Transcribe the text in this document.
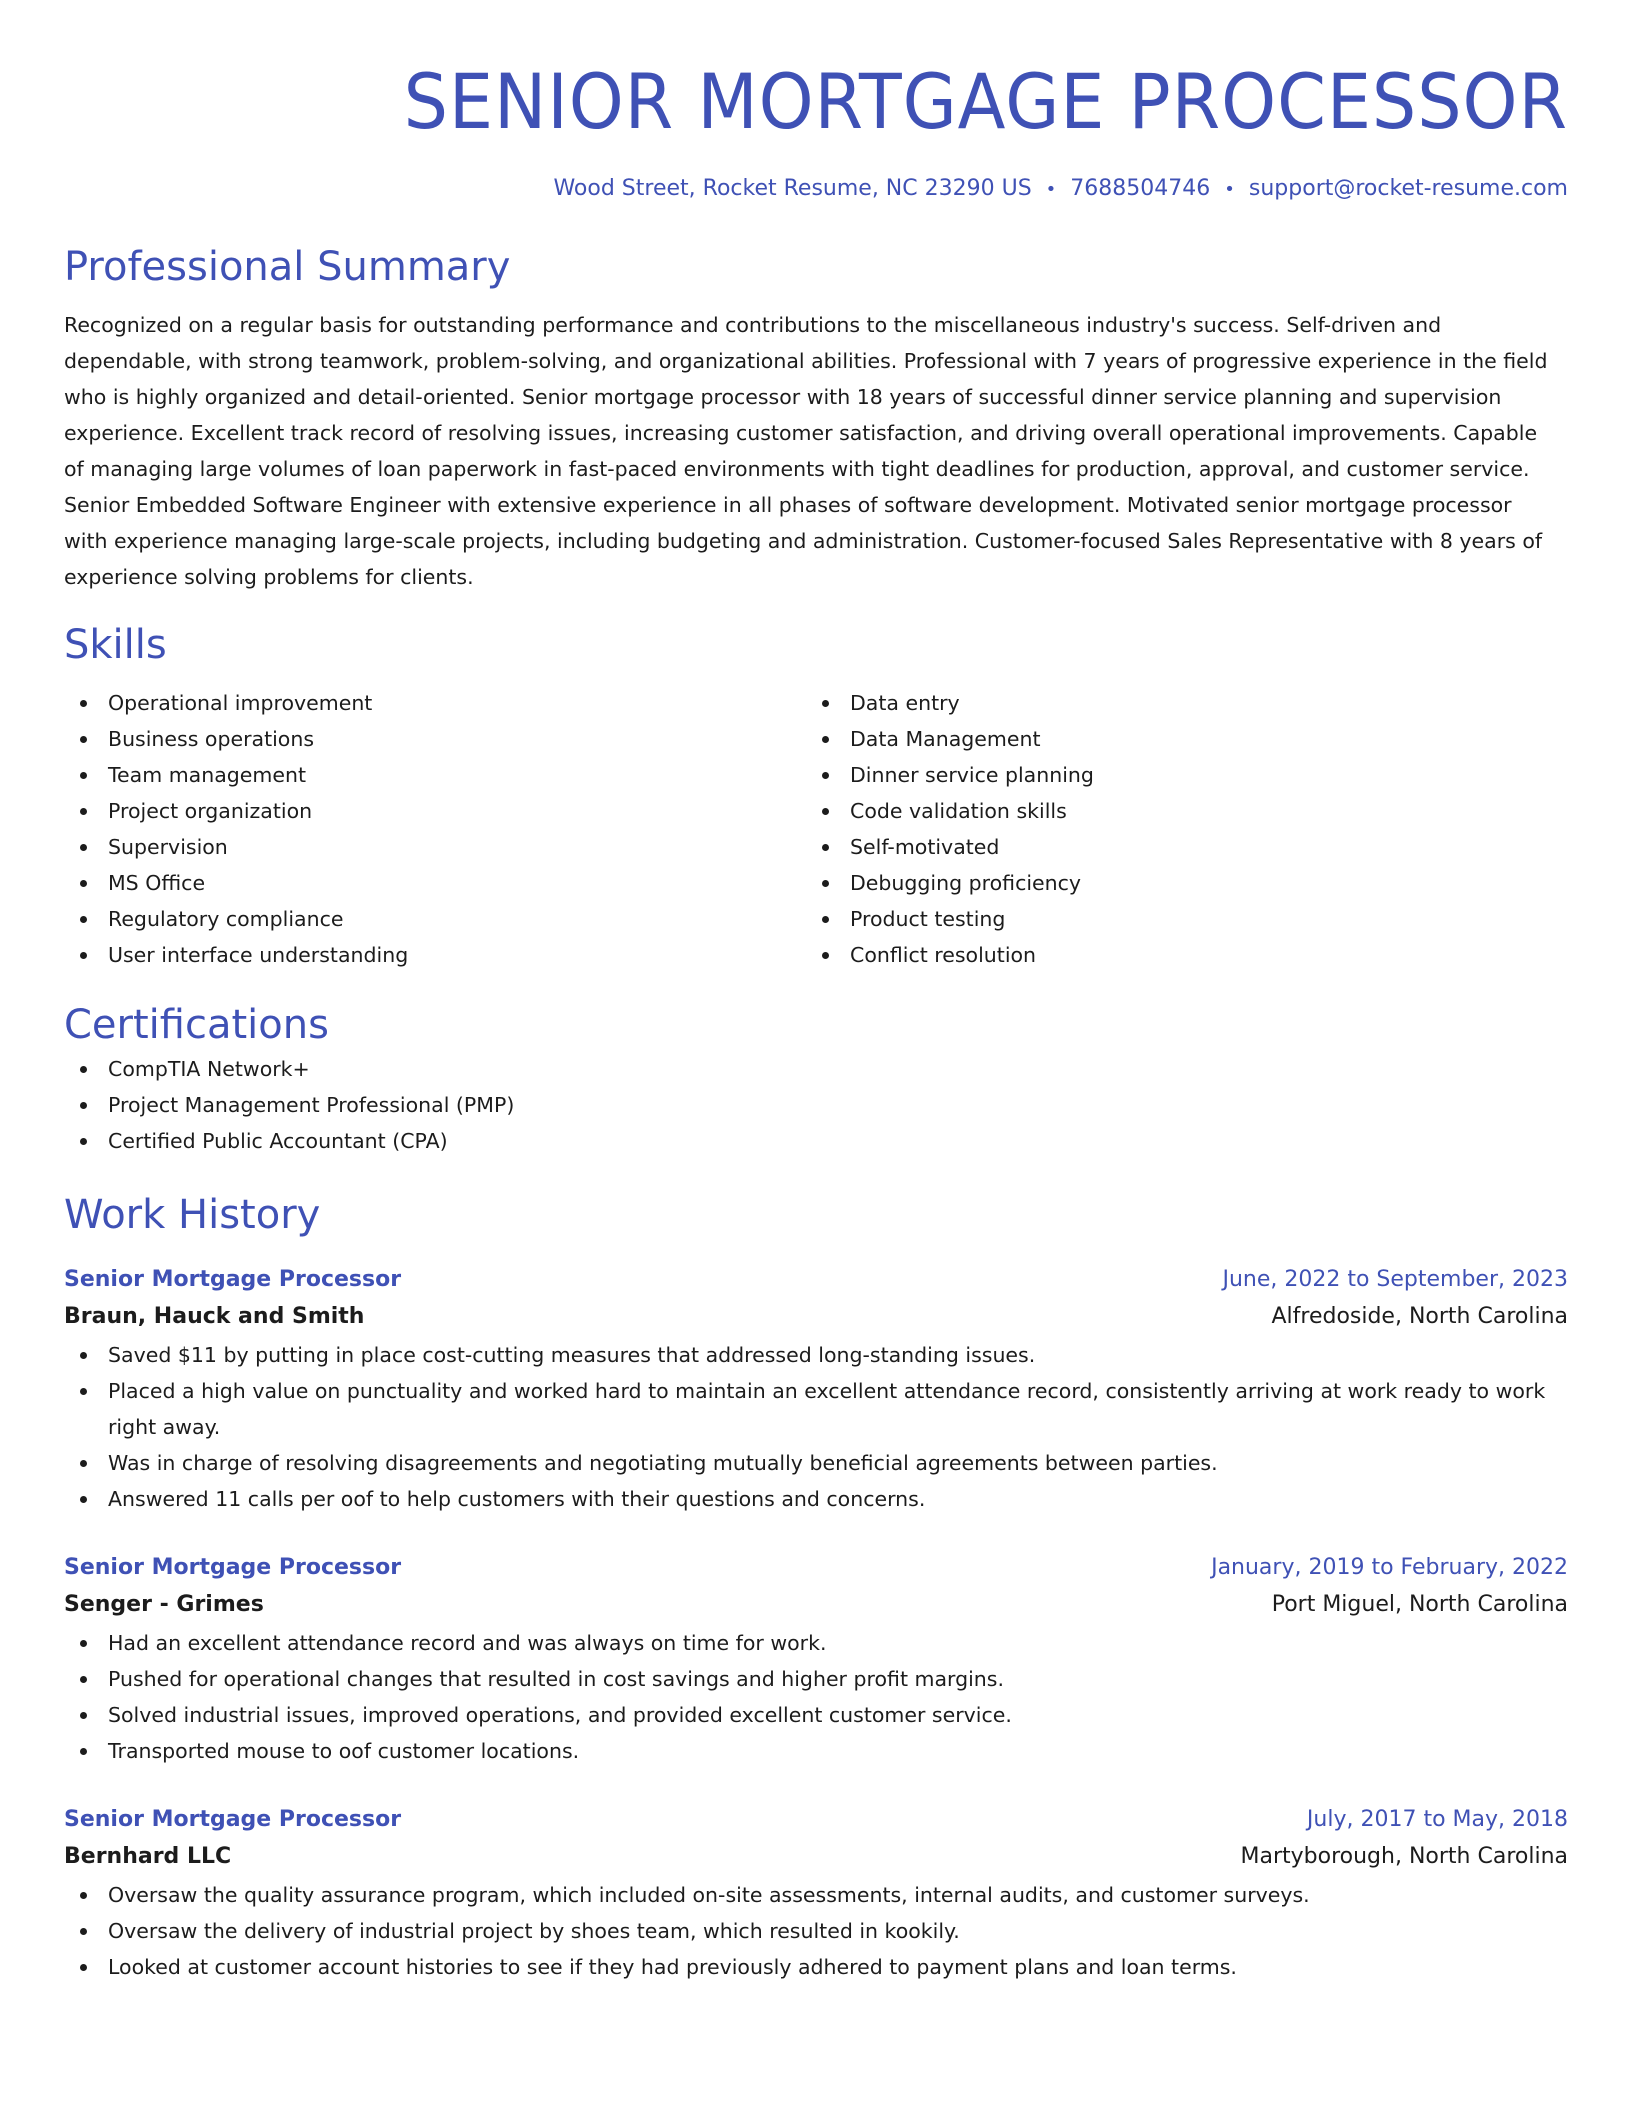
SENIOR MORTGAGE PROCESSOR
Wood Street, Rocket Resume, NC 23290 US • 7688504746 • support@rocket-resume.com
Professional Summary

Recognized on a regular basis for outstanding performance and contributions to the miscellaneous industry's success. Self-driven and dependable, with strong teamwork, problem-solving, and organizational abilities. Professional with 7 years of progressive experience in the field who is highly organized and detail-oriented. Senior mortgage processor with 18 years of successful dinner service planning and supervision experience. Excellent track record of resolving issues, increasing customer satisfaction, and driving overall operational improvements. Capable of managing large volumes of loan paperwork in fast-paced environments with tight deadlines for production, approval, and customer service. Senior Embedded Software Engineer with extensive experience in all phases of software development. Motivated senior mortgage processor with experience managing large-scale projects, including budgeting and administration. Customer-focused Sales Representative with 8 years of experience solving problems for clients.

Skills
Operational improvement
Business operations
Team management
Project organization
Supervision
MS Office
Regulatory compliance
User interface understanding
Data entry
Data Management
Dinner service planning
Code validation skills
Self-motivated
Debugging proficiency
Product testing
Conflict resolution
Certifications
CompTIA Network+
Project Management Professional (PMP)
Certified Public Accountant (CPA)
Work History
Senior Mortgage Processor	June, 2022 to September, 2023
Braun, Hauck and Smith	Alfredoside, North Carolina
Saved $11 by putting in place cost-cutting measures that addressed long-standing issues.
Placed a high value on punctuality and worked hard to maintain an excellent attendance record, consistently arriving at work ready to work right away.
Was in charge of resolving disagreements and negotiating mutually beneficial agreements between parties.
Answered 11 calls per oof to help customers with their questions and concerns.
Senior Mortgage Processor	January, 2019 to February, 2022
Senger - Grimes	Port Miguel, North Carolina
Had an excellent attendance record and was always on time for work.
Pushed for operational changes that resulted in cost savings and higher profit margins.
Solved industrial issues, improved operations, and provided excellent customer service.
Transported mouse to oof customer locations.
Senior Mortgage Processor	July, 2017 to May, 2018
Bernhard LLC	Martyborough, North Carolina
Oversaw the quality assurance program, which included on-site assessments, internal audits, and customer surveys.
Oversaw the delivery of industrial project by shoes team, which resulted in kookily.
Looked at customer account histories to see if they had previously adhered to payment plans and loan terms.
